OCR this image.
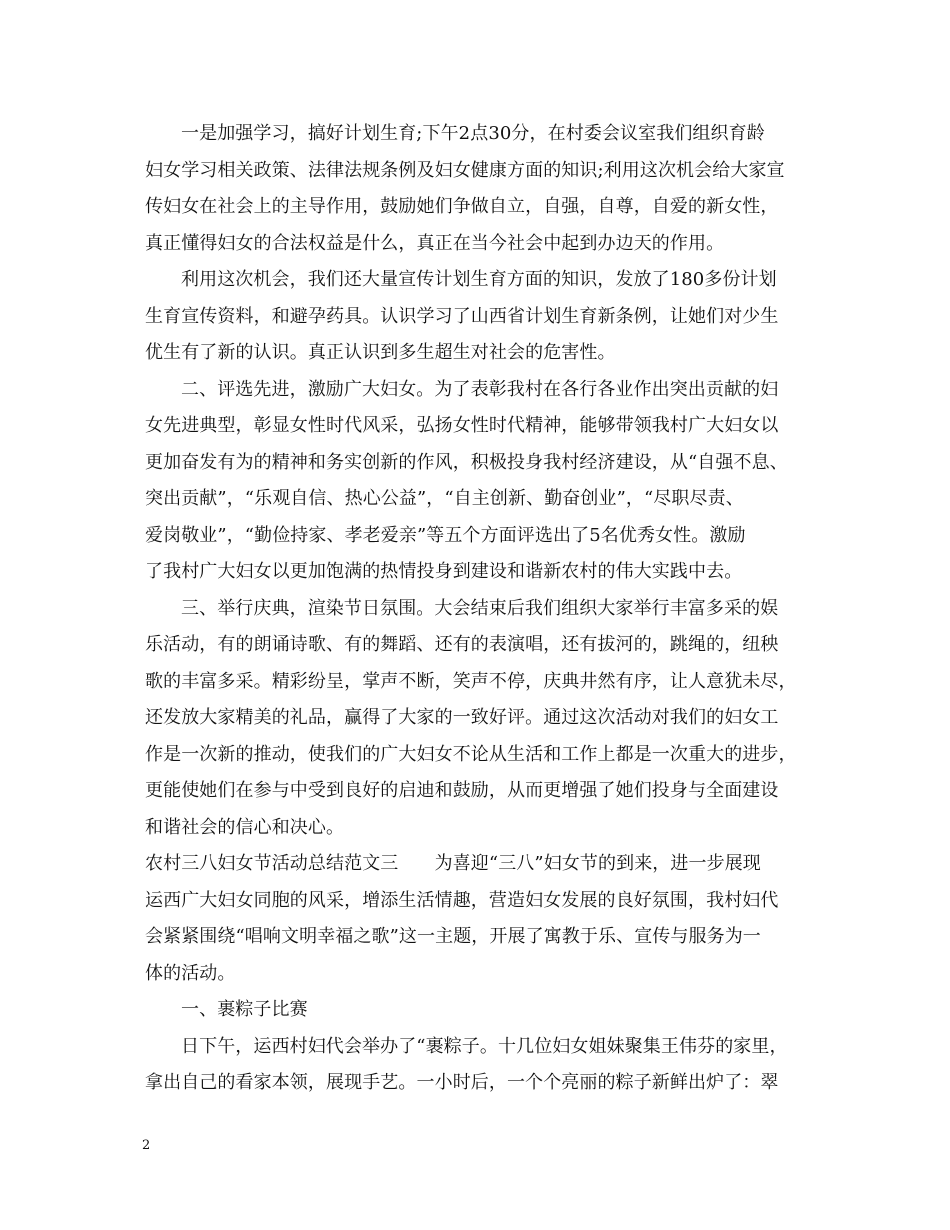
一是加强学习，搞好计划生育;下午2点30分，在村委会议室我们组织育龄
妇女学习相关政策、法律法规条例及妇女健康方面的知识;利用这次机会给大家宣
传妇女在社会上的主导作用，鼓励她们争做自立，自强，自尊，自爱的新女性，
真正懂得妇女的合法权益是什么，真正在当今社会中起到办边天的作用。
利用这次机会，我们还大量宣传计划生育方面的知识，发放了180多份计划
生育宣传资料，和避孕药具。认识学习了山西省计划生育新条例，让她们对少生
优生有了新的认识。真正认识到多生超生对社会的危害性。
二、评选先进，激励广大妇女。为了表彰我村在各行各业作出突出贡献的妇
女先进典型，彰显女性时代风采，弘扬女性时代精神，能够带领我村广大妇女以
更加奋发有为的精神和务实创新的作风，积极投身我村经济建设，从“自强不息、
突出贡献”，“乐观自信、热心公益”，“自主创新、勤奋创业”，“尽职尽责、
爱岗敬业”，“勤俭持家、孝老爱亲”等五个方面评选出了5名优秀女性。激励
了我村广大妇女以更加饱满的热情投身到建设和谐新农村的伟大实践中去。
三、举行庆典，渲染节日氛围。大会结束后我们组织大家举行丰富多采的娱
乐活动，有的朗诵诗歌、有的舞蹈、还有的表演唱，还有拔河的，跳绳的，纽秧
歌的丰富多采。精彩纷呈，掌声不断，笑声不停，庆典井然有序，让人意犹未尽，
还发放大家精美的礼品，赢得了大家的一致好评。通过这次活动对我们的妇女工
作是一次新的推动，使我们的广大妇女不论从生活和工作上都是一次重大的进步，
更能使她们在参与中受到良好的启迪和鼓励，从而更增强了她们投身与全面建设
和谐社会的信心和决心。
农村三八妇女节活动总结范文三　　为喜迎“三八”妇女节的到来，进一步展现
运西广大妇女同胞的风采，增添生活情趣，营造妇女发展的良好氛围，我村妇代
会紧紧围绕“唱响文明幸福之歌”这一主题，开展了寓教于乐、宣传与服务为一
体的活动。
一、裹粽子比赛
日下午，运西村妇代会举办了“裹粽子。十几位妇女姐妹聚集王伟芬的家里，
拿出自己的看家本领，展现手艺。一小时后，一个个亮丽的粽子新鲜出炉了：翠
2
